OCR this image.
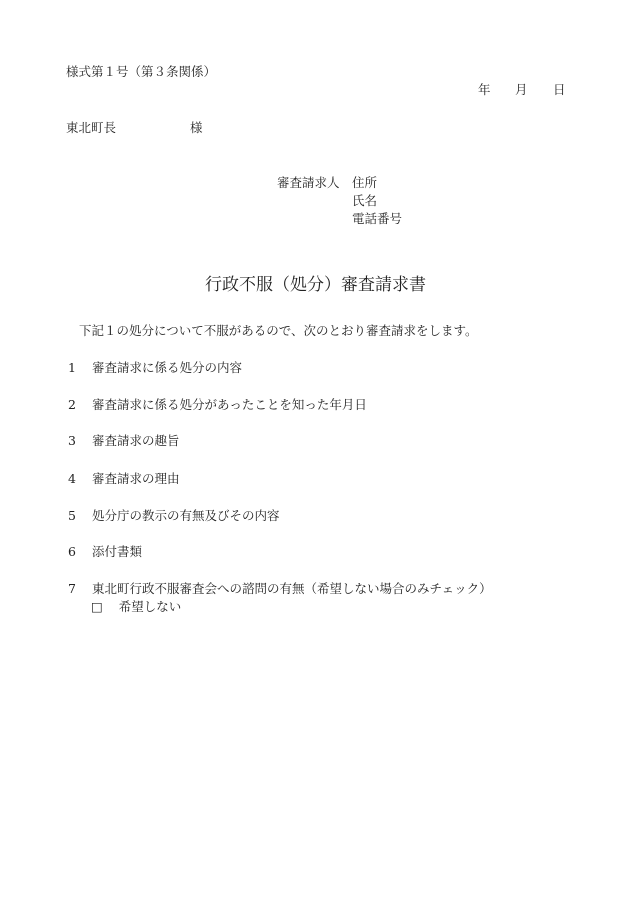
様式第１号（第３条関係）
年 月 日
東北町長	様
審査請求人 住所
氏名
電話番号
行政不服（処分）審査請求書
下記１の処分について不服があるので、次のとおり審査請求をします。
1 審査請求に係る処分の内容
2 審査請求に係る処分があったことを知った年月日
3 審査請求の趣旨
4 審査請求の理由
5 処分庁の教示の有無及びその内容
6 添付書類
7 東北町行政不服審査会への諮問の有無（希望しない場合のみチェック）
□ 希望しない
